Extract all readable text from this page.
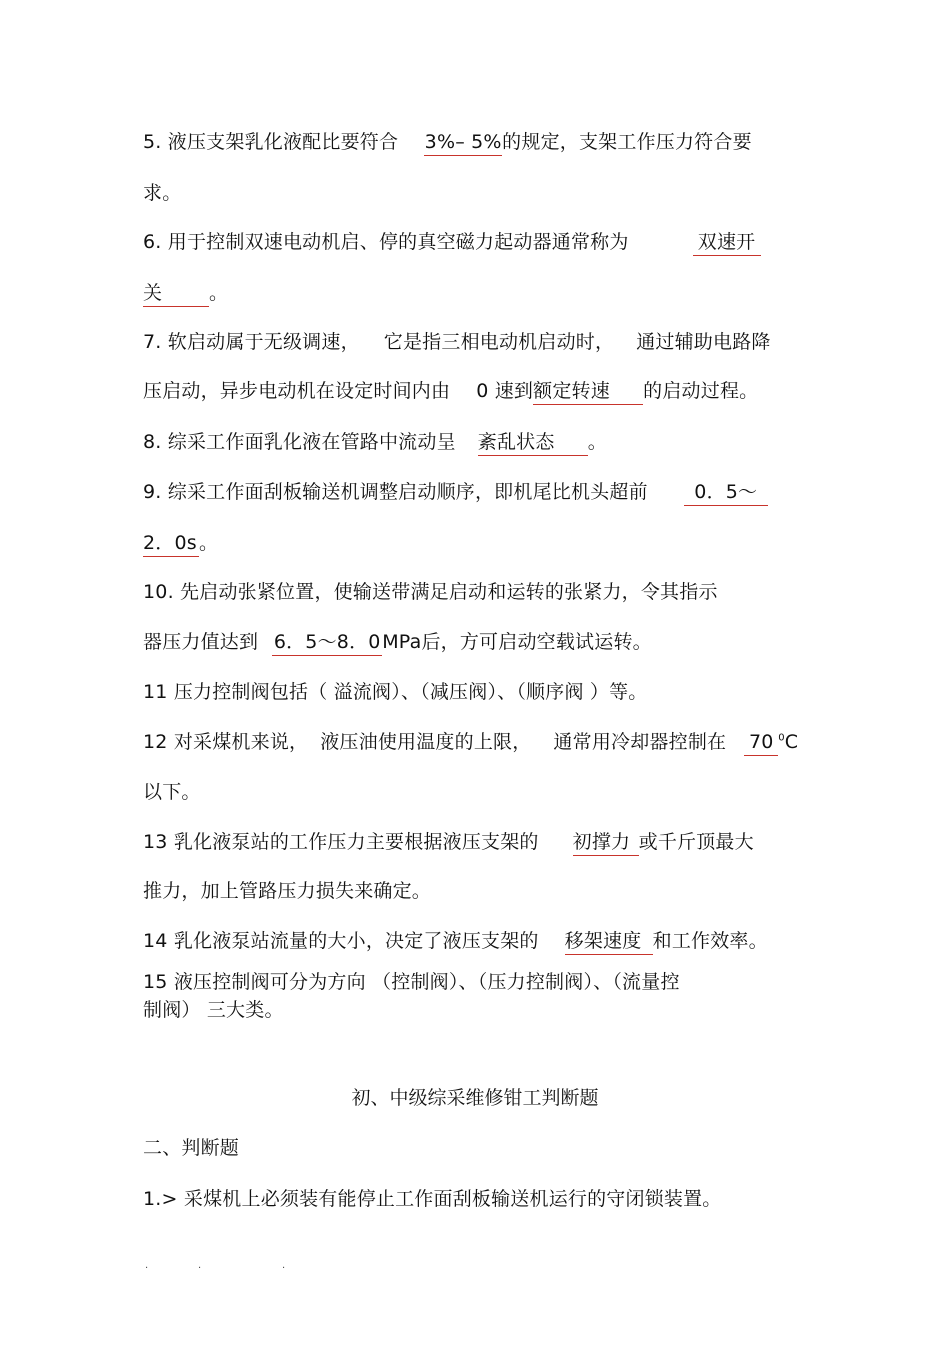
5. 液压支架乳化液配比要符合 3%– 5%的规定，支架工作压力符合要
求。
6. 用于控制双速电动机启、停的真空磁力起动器通常称为	双速开
关 。
7. 软启动属于无级调速， 它是指三相电动机启动时， 通过辅助电路降
压启动，异步电动机在设定时间内由 0 速到额定转速 的启动过程。
8. 综采工作面乳化液在管路中流动呈 紊乱状态 。
9. 综采工作面刮板输送机调整启动顺序，即机尾比机头超前 0．5～
2．0s 。
10. 先启动张紧位置，使输送带满足启动和运转的张紧力，令其指示
器压力值达到 6．5～8．0MPa后，方可启动空载试运转。
11 压力控制阀包括（ 溢流阀）、（减压阀）、（顺序阀 ）等。
12 对采煤机来说， 液压油使用温度的上限， 通常用冷却器控制在 70 $^0$C
以下。
13 乳化液泵站的工作压力主要根据液压支架的 初撑力 或千斤顶最大
推力，加上管路压力损失来确定。
14 乳化液泵站流量的大小，决定了液压支架的 移架速度 和工作效率。
15 液压控制阀可分为方向 （控制阀）、（压力控制阀）、（流量控
制阀） 三大类。
初、中级综采维修钳工判断题
二、判断题
1.> 采煤机上必须装有能停止工作面刮板输送机运行的守闭锁装置。
.	.	.
